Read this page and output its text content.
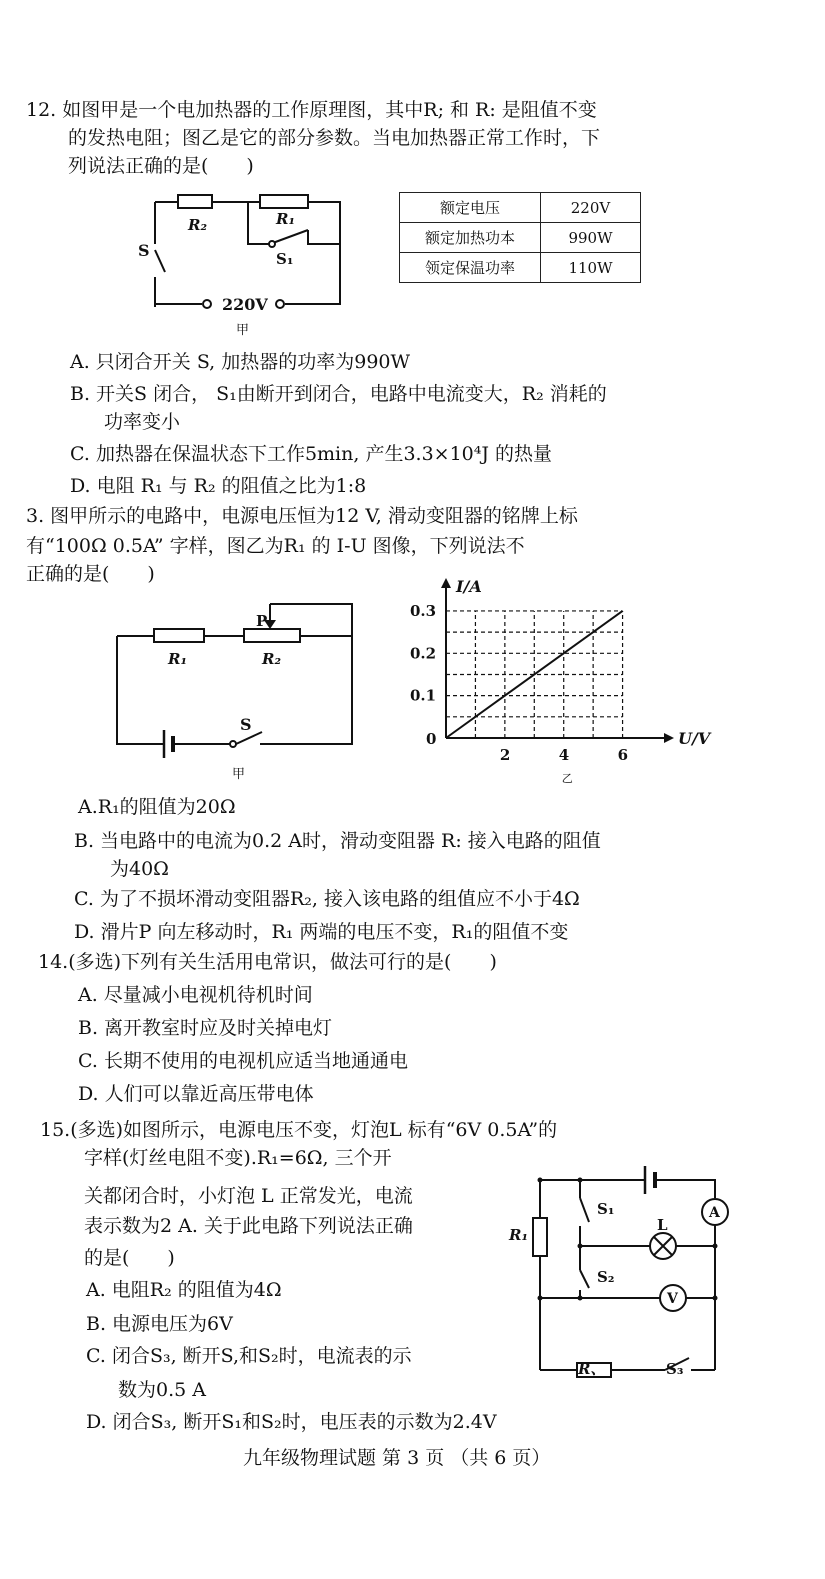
12. 如图甲是一个电加热器的工作原理图，其中R; 和 R: 是阻值不变
的发热电阻；图乙是它的部分参数。当电加热器正常工作时，下
列说法正确的是(　　)
R₂	R₁
S	S₁
220V
甲
额定电压	220V
额定加热功本	990W
领定保温功率	110W
A. 只闭合开关 S, 加热器的功率为990W
B. 开关S 闭合， S₁由断开到闭合，电路中电流变大，R₂ 消耗的
功率变小
C. 加热器在保温状态下工作5min, 产生3.3×10⁴J 的热量
D. 电阻 R₁ 与 R₂ 的阻值之比为1:8
3. 图甲所示的电路中，电源电压恒为12 V, 滑动变阻器的铭牌上标
有“100Ω 0.5A” 字样，图乙为R₁ 的 I-U 图像，下列说法不
正确的是(　　)
P
R₁	R₂
S
甲
2	4	6
0.1
0.2
0.3
I/A
U/V
0
乙
A.R₁的阻值为20Ω
B. 当电路中的电流为0.2 A时，滑动变阻器 R: 接入电路的阻值
为40Ω
C. 为了不损坏滑动变阻器R₂, 接入该电路的组值应不小于4Ω
D. 滑片P 向左移动时，R₁ 两端的电压不变，R₁的阻值不变
14.(多选)下列有关生活用电常识，做法可行的是(　　)
A. 尽量减小电视机待机时间
B. 离开教室时应及时关掉电灯
C. 长期不使用的电视机应适当地通通电
D. 人们可以靠近高压带电体
15.(多选)如图所示，电源电压不变，灯泡L 标有“6V 0.5A”的
字样(灯丝电阻不变).R₁=6Ω, 三个开
关都闭合时，小灯泡 L 正常发光，电流
表示数为2 A. 关于此电路下列说法正确
的是(　　)
A. 电阻R₂ 的阻值为4Ω
B. 电源电压为6V
C. 闭合S₃, 断开S,和S₂时，电流表的示
数为0.5 A
D. 闭合S₃, 断开S₁和S₂时，电压表的示数为2.4V
A
V
R₁
S₁
S₂
L
R、	S₃
九年级物理试题 第 3 页 （共 6 页）
